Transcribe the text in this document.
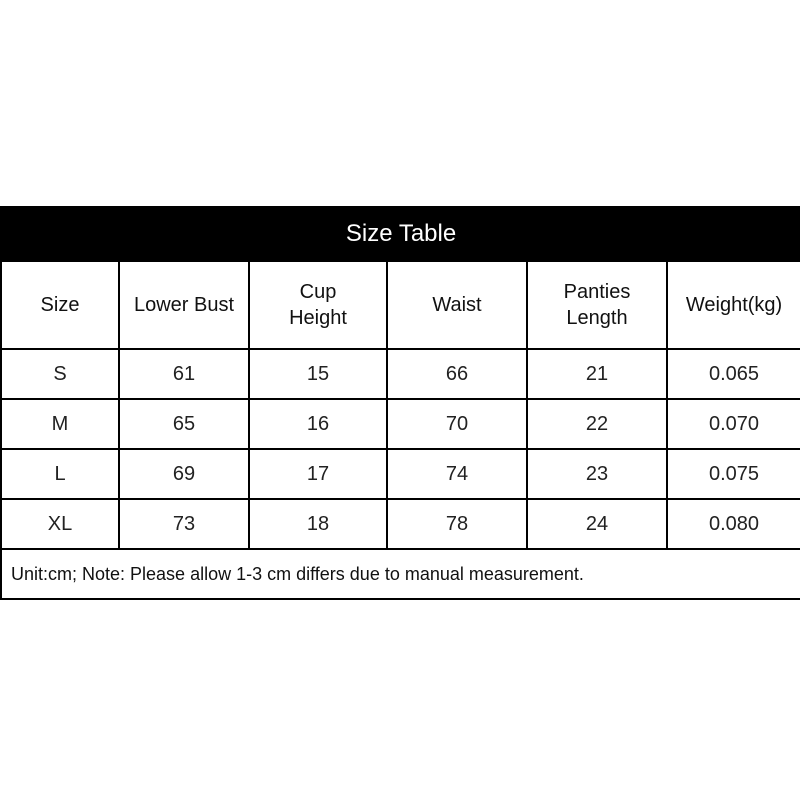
Size Table					
Size	Lower Bust	Cup Height	Waist	Panties Length	Weight(kg)
S	61	15	66	21	0.065
M	65	16	70	22	0.070
L	69	17	74	23	0.075
XL	73	18	78	24	0.080
Unit:cm; Note: Please allow 1-3 cm differs due to manual measurement.					
